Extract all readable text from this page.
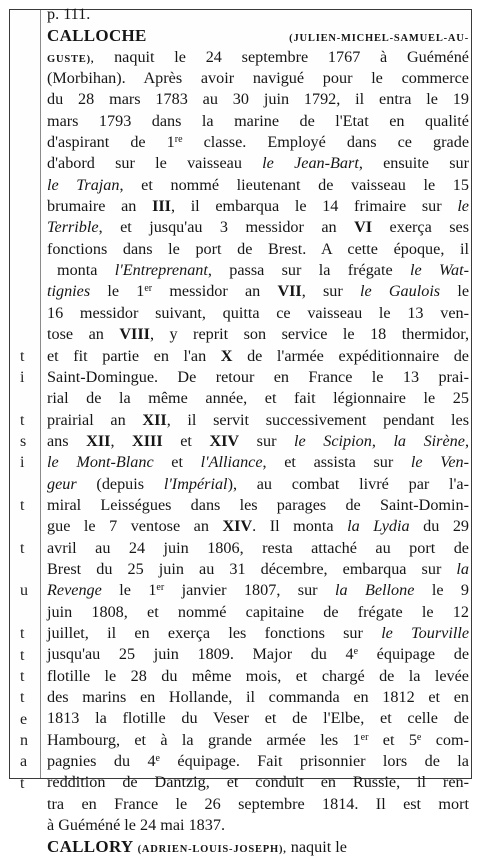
t
i
t
s
i
t
t
u
t
t
t
t
e
n
a
t
p. 111.
CALLOCHE	(JULIEN-MICHEL-SAMUEL-AU-
GUSTE), naquit le 24 septembre 1767 à Guéméné
(Morbihan). Après avoir navigué pour le commerce
du 28 mars 1783 au 30 juin 1792, il entra le 19
mars 1793 dans la marine de l'Etat en qualité
d'aspirant de 1re classe. Employé dans ce grade
d'abord sur le vaisseau le Jean-Bart, ensuite sur
le Trajan, et nommé lieutenant de vaisseau le 15
brumaire an III, il embarqua le 14 frimaire sur le
Terrible, et jusqu'au 3 messidor an VI exerça ses
fonctions dans le port de Brest. A cette époque, il
monta l'Entreprenant, passa sur la frégate le Wat-
tignies le 1er messidor an VII, sur le Gaulois le
16 messidor suivant, quitta ce vaisseau le 13 ven-
tose an VIII, y reprit son service le 18 thermidor,
et fit partie en l'an X de l'armée expéditionnaire de
Saint-Domingue. De retour en France le 13 prai-
rial de la même année, et fait légionnaire le 25
prairial an XII, il servit successivement pendant les
ans XII, XIII et XIV sur le Scipion, la Sirène,
le Mont-Blanc et l'Alliance, et assista sur le Ven-
geur (depuis l'Impérial), au combat livré par l'a-
miral Leisségues dans les parages de Saint-Domin-
gue le 7 ventose an XIV. Il monta la Lydia du 29
avril au 24 juin 1806, resta attaché au port de
Brest du 25 juin au 31 décembre, embarqua sur la
Revenge le 1er janvier 1807, sur la Bellone le 9
juin 1808, et nommé capitaine de frégate le 12
juillet, il en exerça les fonctions sur le Tourville
jusqu'au 25 juin 1809. Major du 4e équipage de
flotille le 28 du même mois, et chargé de la levée
des marins en Hollande, il commanda en 1812 et en
1813 la flotille du Veser et de l'Elbe, et celle de
Hambourg, et à la grande armée les 1er et 5e com-
pagnies du 4e équipage. Fait prisonnier lors de la
reddition de Dantzig, et conduit en Russie, il ren-
tra en France le 26 septembre 1814. Il est mort
à Guéméné le 24 mai 1837.
CALLORY (ADRIEN-LOUIS-JOSEPH), naquit le
